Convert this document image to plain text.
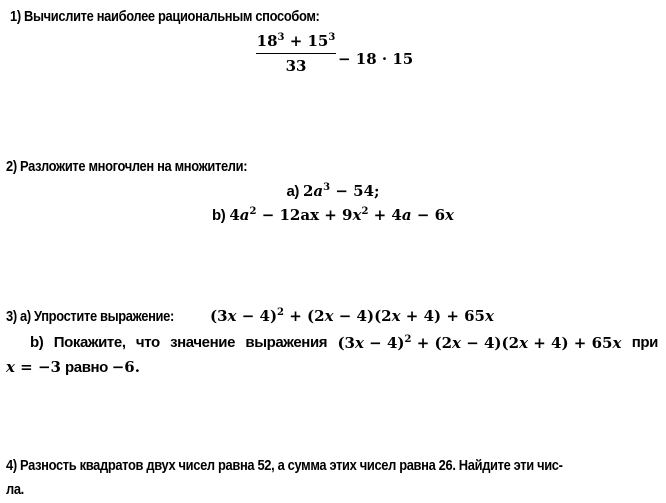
1) Вычислите наиболее рациональным способом:
$18^3 + 15^3$
33	− 18 · 15
2) Разложите многочлен на множители:
a) $2a^3 - 54$;
b) $4a^2 - 12ax + 9x^2 + 4a - 6x$
3) a) Упростите выражение: $(3x - 4)^2 + (2x - 4)(2x + 4) + 65x$
b) Покажите, что значение выражения $(3x - 4)^2 + (2x - 4)(2x + 4) + 65x$ при
x = −3 равно −6.
4) Разность квадратов двух чисел равна 52, а сумма этих чисел равна 26. Найдите эти чис-
ла.
